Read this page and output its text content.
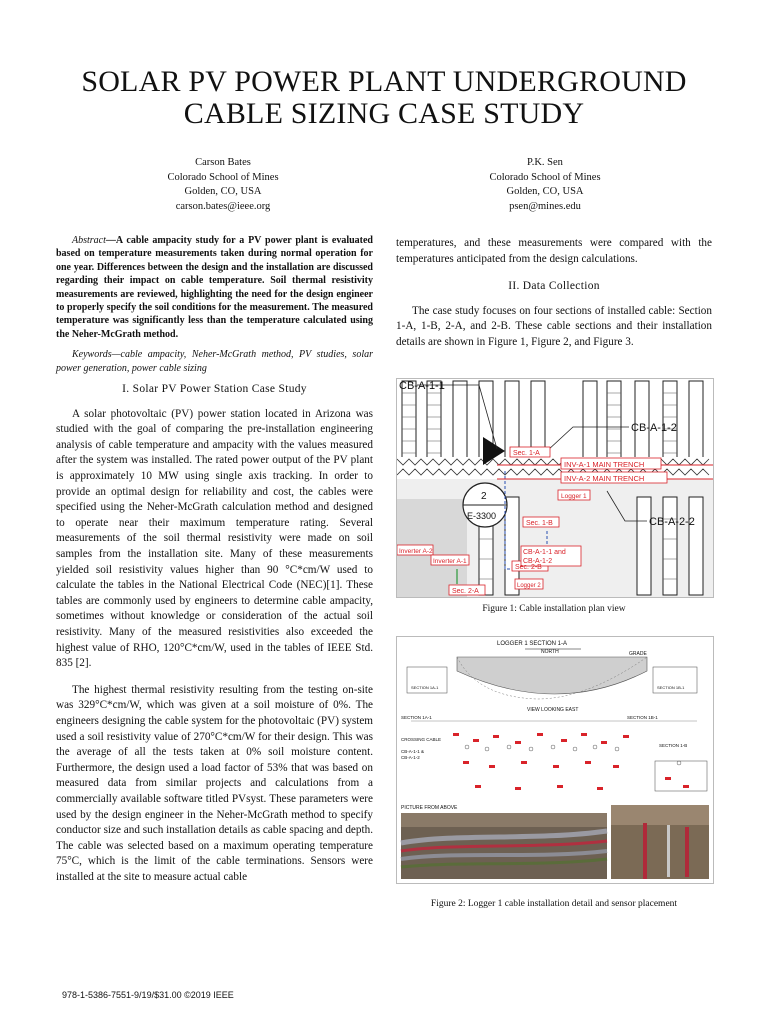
SOLAR PV POWER PLANT UNDERGROUND
CABLE SIZING CASE STUDY
Carson Bates
Colorado School of Mines
Golden, CO, USA
carson.bates@ieee.org
P.K. Sen
Colorado School of Mines
Golden, CO, USA
psen@mines.edu

Abstract—A cable ampacity study for a PV power plant is evaluated based on temperature measurements taken during normal operation for one year. Differences between the design and the installation are discussed regarding their impact on cable temperature. Soil thermal resistivity measurements are reviewed, highlighting the need for the design engineer to properly specify the soil conditions for the measurement. The measured temperature was significantly less than the temperature calculated using the Neher-McGrath method.

Keywords—cable ampacity, Neher-McGrath method, PV studies, solar power generation, power cable sizing

I. Solar PV Power Station Case Study

A solar photovoltaic (PV) power station located in Arizona was studied with the goal of comparing the pre-installation engineering analysis of cable temperature and ampacity with the values measured after the system was installed. The rated power output of the PV plant is approximately 10 MW using single axis tracking. In order to provide an optimal design for reliability and cost, the cables were specified using the Neher-McGrath calculation method and designed to operate near their maximum temperature rating. Several measurements of the soil thermal resistivity were made on soil samples from the installation site. Many of these measurements yielded soil resistivity values higher than 90 °C*cm/W used to calculate the tables in the National Electrical Code (NEC)[1]. These tables are commonly used by engineers to determine cable ampacity, sometimes without knowledge or consideration of the actual soil resistivity. Many of the measured resistivities also exceeded the highest value of RHO, 120°C*cm/W, used in the tables of IEEE Std. 835 [2].

The highest thermal resistivity resulting from the testing on-site was 329°C*cm/W, which was given at a soil moisture of 0%. The engineers designing the cable system for the photovoltaic (PV) system used a soil resistivity value of 270°C*cm/W for their design. This was the average of all the tests taken at 0% soil moisture content. Furthermore, the design used a load factor of 53% that was based on measured data from similar projects and calculations from a commercially available software titled PVsyst. These parameters were used by the design engineer in the Neher-McGrath method to specify conductor size and such installation details as cable spacing and depth. The cable was selected based on a maximum operating temperature 75°C, which is the limit of the cable terminations. Sensors were installed at the site to measure actual cable

temperatures, and these measurements were compared with the temperatures anticipated from the design calculations.

II. Data Collection

The case study focuses on four sections of installed cable: Section 1-A, 1-B, 2-A, and 2-B. These cable sections and their installation details are shown in Figure 1, Figure 2, and Figure 3.

CB-A-1-1
CB-A-1-2
CB-A-2-2
Sec. 1-A
INV-A-1 MAIN TRENCH
INV-A-2 MAIN TRENCH
Logger 1
Sec. 1-B
2
E-3300
Inverter A-2
Inverter A-1
Sec. 2-B
CB-A-1-1 and
CB-A-1-2
Logger 2
Sec. 2-A
Figure 1: Cable installation plan view
LOGGER 1 SECTION 1-A
NORTH	GRADE
SECTION 1A-1	SECTION 1B-1
VIEW LOOKING EAST
SECTION 1A-1	SECTION 1B-1
CROSSING CABLE
CB-A-1-1 &
CB-A-1-2
SECTION 1-B
PICTURE FROM ABOVE
Figure 2: Logger 1 cable installation detail and sensor placement
978-1-5386-7551-9/19/$31.00 ©2019 IEEE
